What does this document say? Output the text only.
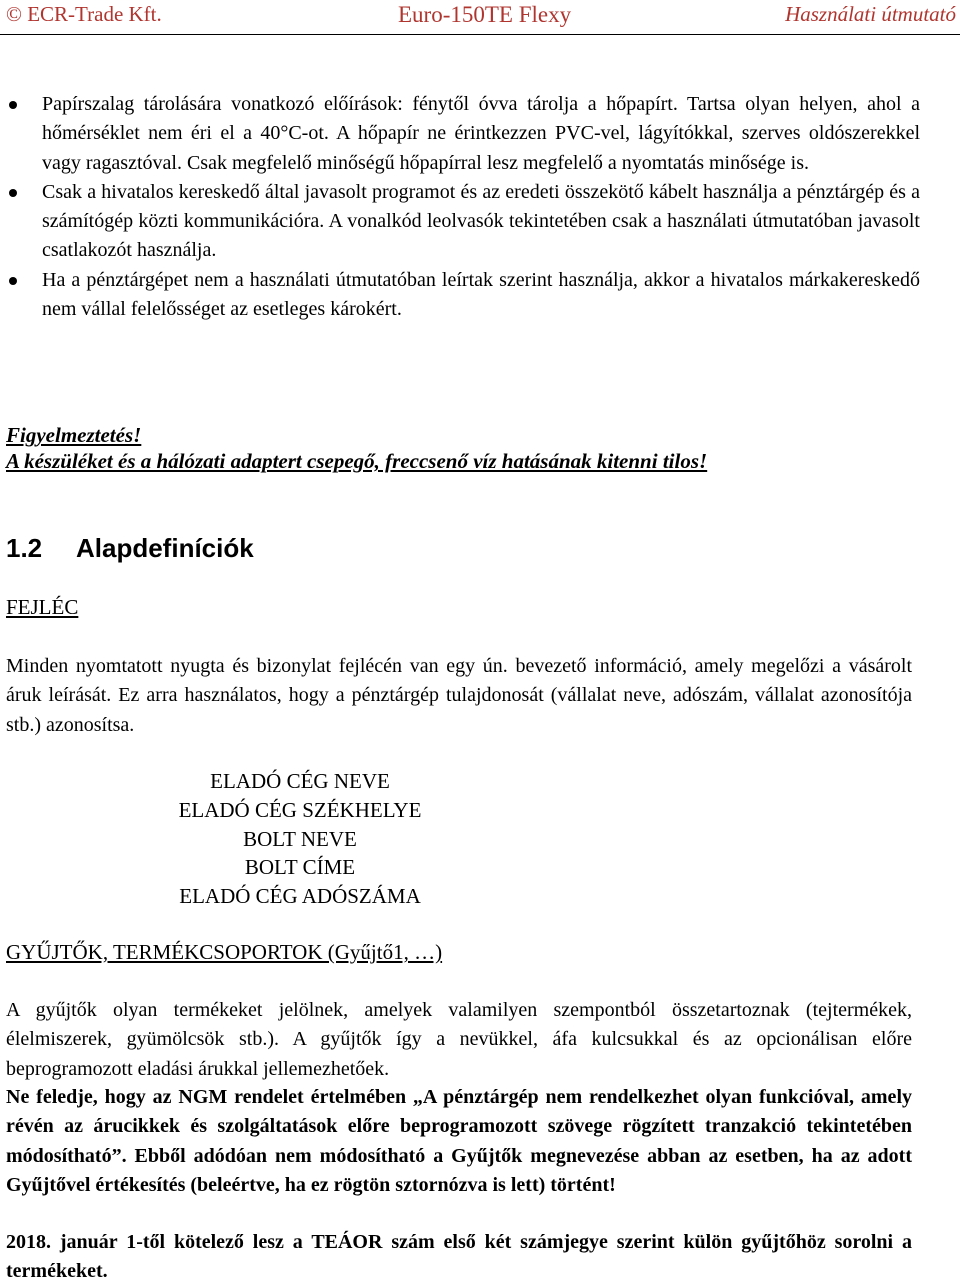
© ECR-Trade Kft.	Euro-150TE Flexy	Használati útmutató
Papírszalag tárolására vonatkozó előírások: fénytől óvva tárolja a hőpapírt. Tartsa olyan helyen, ahol a hőmérséklet nem éri el a 40°C-ot. A hőpapír ne érintkezzen PVC-vel, lágyítókkal, szerves oldószerekkel vagy ragasztóval. Csak megfelelő minőségű hőpapírral lesz megfelelő a nyomtatás minősége is.
Csak a hivatalos kereskedő által javasolt programot és az eredeti összekötő kábelt használja a pénztárgép és a számítógép közti kommunikációra. A vonalkód leolvasók tekintetében csak a használati útmutatóban javasolt csatlakozót használja.
Ha a pénztárgépet nem a használati útmutatóban leírtak szerint használja, akkor a hivatalos márkakereskedő nem vállal felelősséget az esetleges károkért.
Figyelmeztetés!
A készüléket és a hálózati adaptert csepegő, freccsenő víz hatásának kitenni tilos!
1.2 Alapdefiníciók
FEJLÉC

Minden nyomtatott nyugta és bizonylat fejlécén van egy ún. bevezető információ, amely megelőzi a vásárolt áruk leírását. Ez arra használatos, hogy a pénztárgép tulajdonosát (vállalat neve, adószám, vállalat azonosítója stb.) azonosítsa.

ELADÓ CÉG NEVE
ELADÓ CÉG SZÉKHELYE
BOLT NEVE
BOLT CÍME
ELADÓ CÉG ADÓSZÁMA
GYŰJTŐK, TERMÉKCSOPORTOK (Gyűjtő1, …)

A gyűjtők olyan termékeket jelölnek, amelyek valamilyen szempontból összetartoznak (tejtermékek, élelmiszerek, gyümölcsök stb.). A gyűjtők így a nevükkel, áfa kulcsukkal és az opcionálisan előre beprogramozott eladási árukkal jellemezhetőek.

Ne feledje, hogy az NGM rendelet értelmében „A pénztárgép nem rendelkezhet olyan funkcióval, amely révén az árucikkek és szolgáltatások előre beprogramozott szövege rögzített tranzakció tekintetében módosítható”. Ebből adódóan nem módosítható a Gyűjtők megnevezése abban az esetben, ha az adott Gyűjtővel értékesítés (beleértve, ha ez rögtön sztornózva is lett) történt!

2018. január 1-től kötelező lesz a TEÁOR szám első két számjegye szerint külön gyűjtőhöz sorolni a termékeket.
